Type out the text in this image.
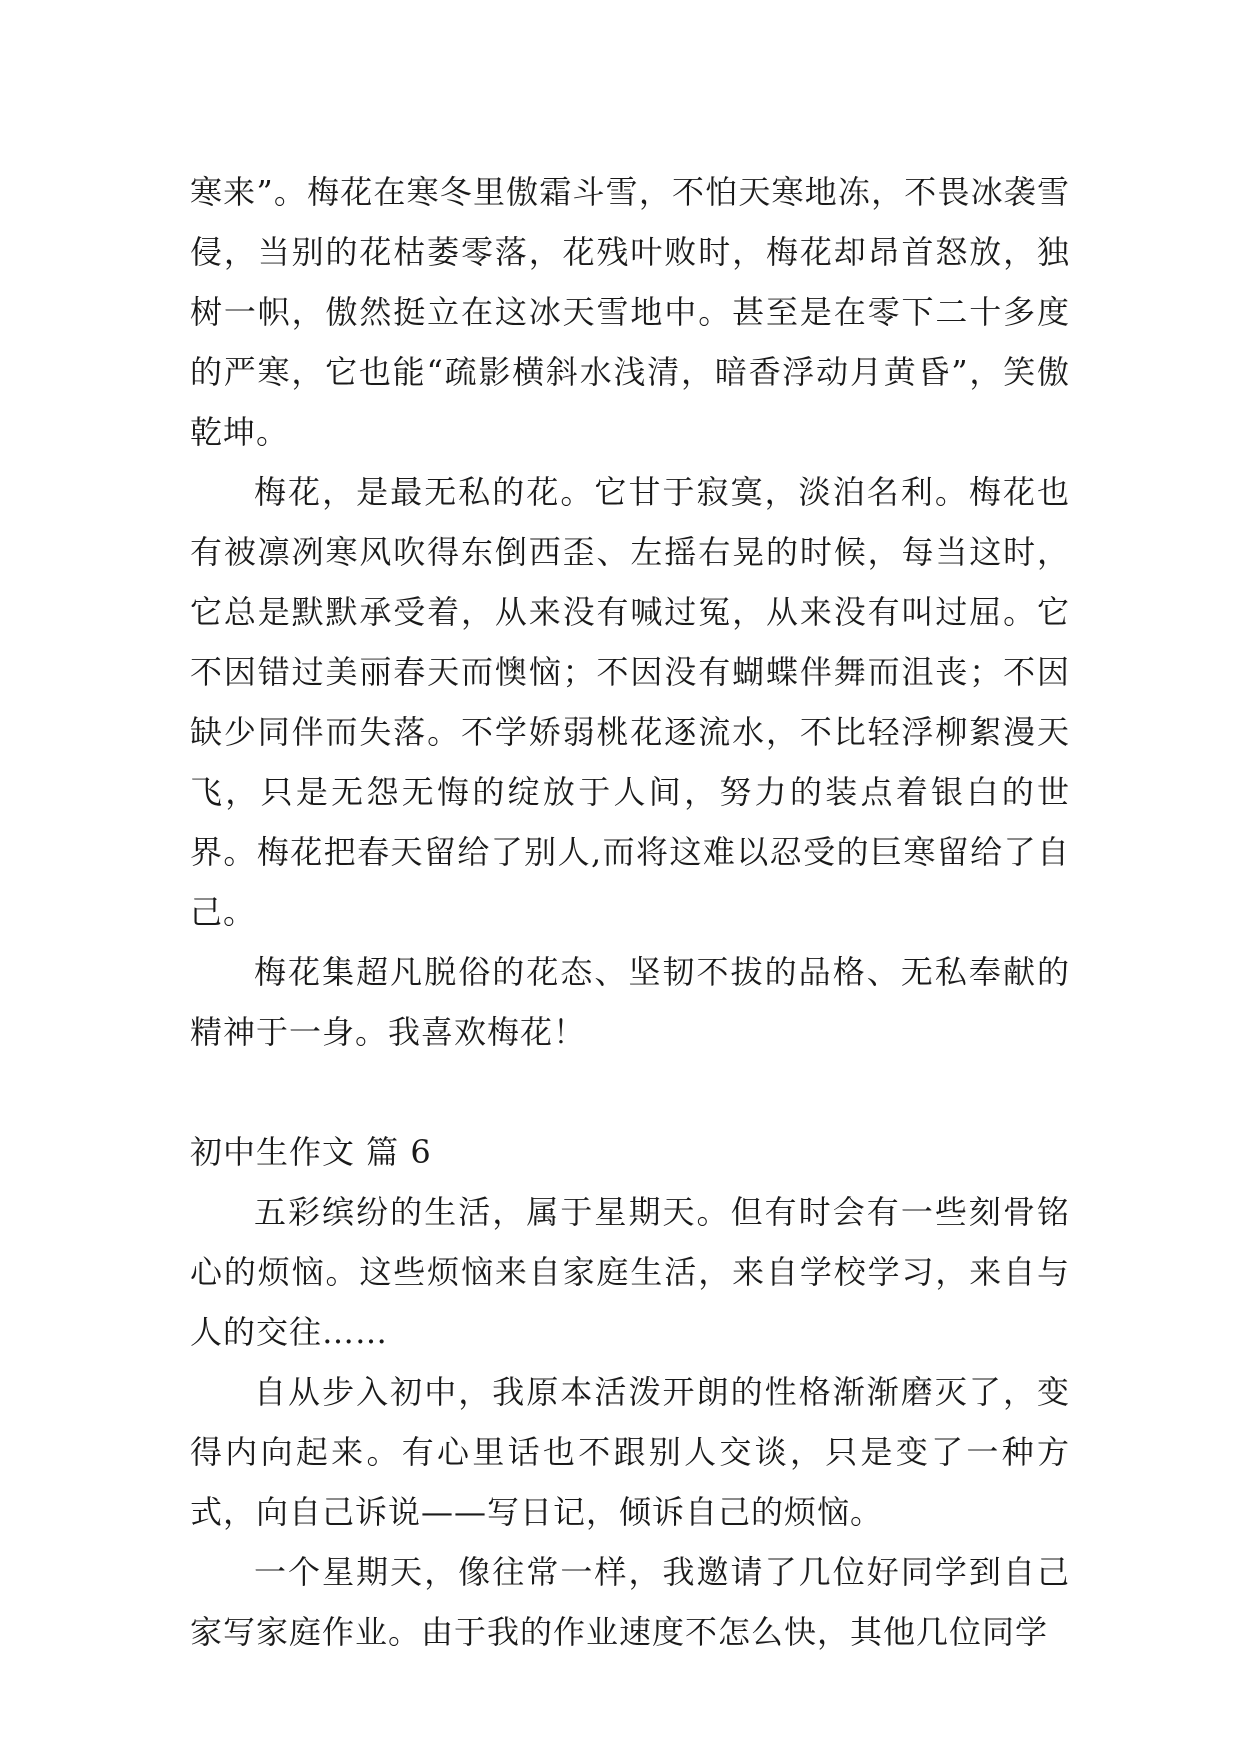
寒来”。梅花在寒冬里傲霜斗雪，不怕天寒地冻，不畏冰袭雪侵，当别的花枯萎零落，花残叶败时，梅花却昂首怒放，独树一帜，傲然挺立在这冰天雪地中。甚至是在零下二十多度的严寒，它也能“疏影横斜水浅清，暗香浮动月黄昏”，笑傲乾坤。

梅花，是最无私的花。它甘于寂寞，淡泊名利。梅花也有被凛冽寒风吹得东倒西歪、左摇右晃的时候，每当这时，它总是默默承受着，从来没有喊过冤，从来没有叫过屈。它不因错过美丽春天而懊恼；不因没有蝴蝶伴舞而沮丧；不因缺少同伴而失落。不学娇弱桃花逐流水，不比轻浮柳絮漫天飞，只是无怨无悔的绽放于人间，努力的装点着银白的世界。梅花把春天留给了别人,而将这难以忍受的巨寒留给了自己。

梅花集超凡脱俗的花态、坚韧不拔的品格、无私奉献的精神于一身。我喜欢梅花！

初中生作文 篇 6

五彩缤纷的生活，属于星期天。但有时会有一些刻骨铭心的烦恼。这些烦恼来自家庭生活，来自学校学习，来自与人的交往……

自从步入初中，我原本活泼开朗的性格渐渐磨灭了，变得内向起来。有心里话也不跟别人交谈，只是变了一种方式，向自己诉说——写日记，倾诉自己的烦恼。

一个星期天，像往常一样，我邀请了几位好同学到自己家写家庭作业。由于我的作业速度不怎么快，其他几位同学
